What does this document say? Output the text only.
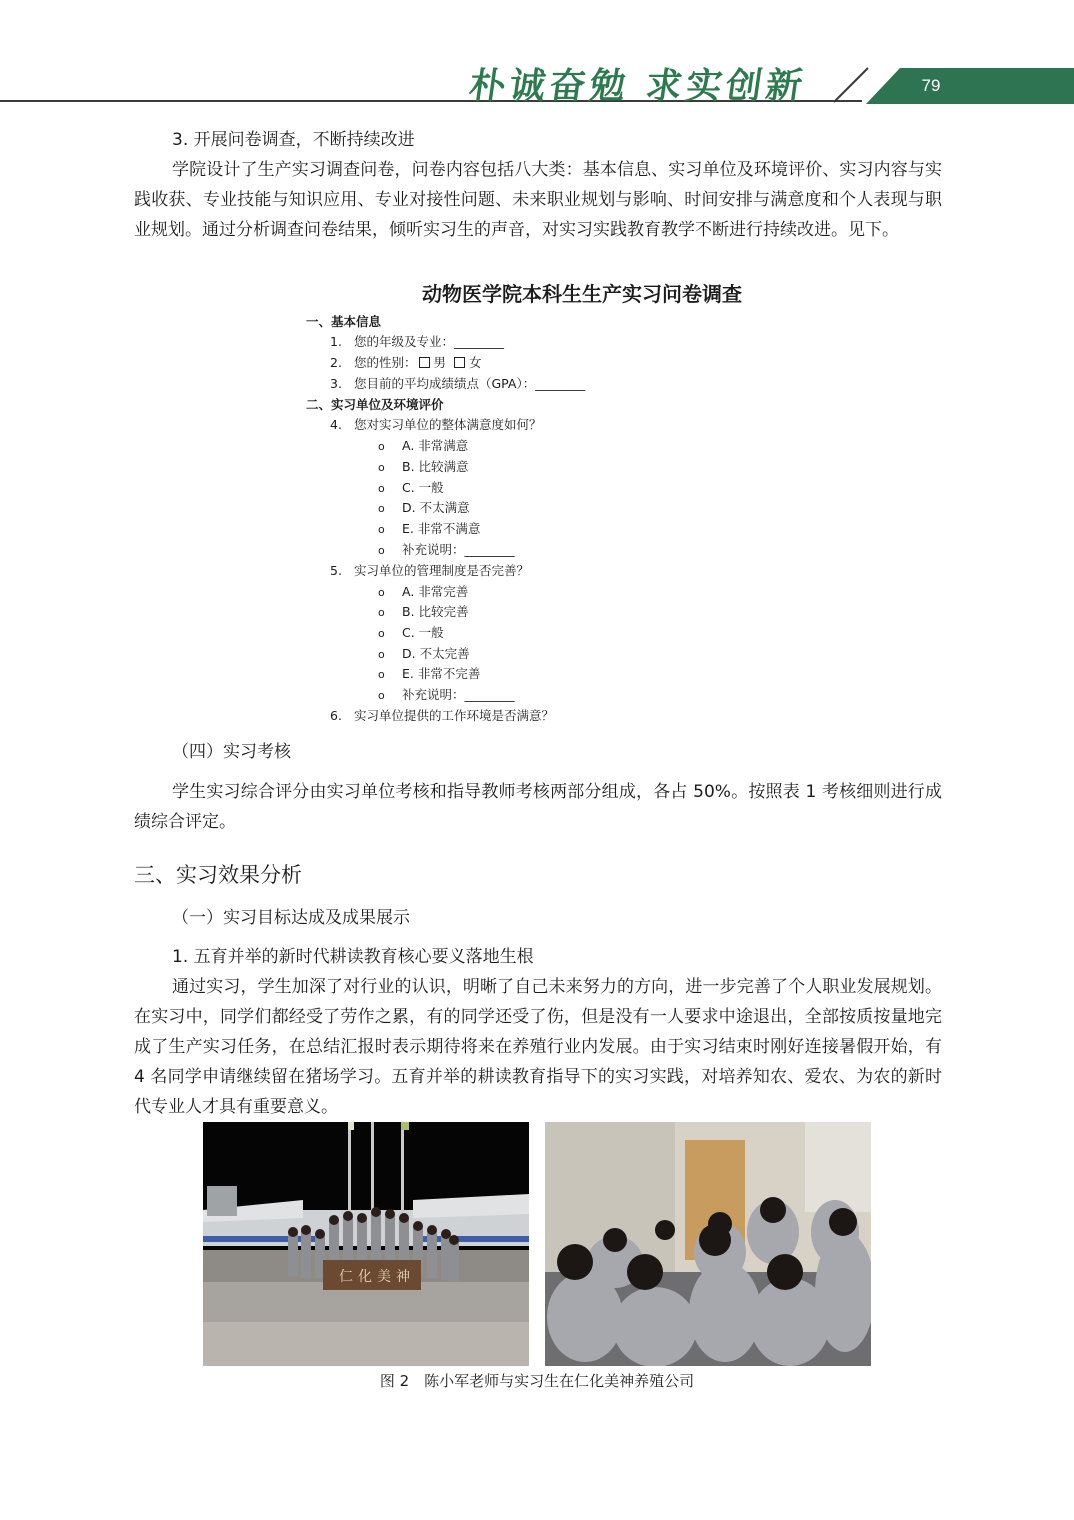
朴诚奋勉 求实创新	79
3. 开展问卷调查，不断持续改进
学院设计了生产实习调查问卷，问卷内容包括八大类：基本信息、实习单位及环境评价、实习内容与实践收获、专业技能与知识应用、专业对接性问题、未来职业规划与影响、时间安排与满意度和个人表现与职业规划。通过分析调查问卷结果，倾听实习生的声音，对实习实践教育教学不断进行持续改进。见下。
动物医学院本科生生产实习问卷调查
一、基本信息
1. 您的年级及专业：________
2. 您的性别： 男 女
3. 您目前的平均成绩绩点（GPA）：________
二、实习单位及环境评价
4. 您对实习单位的整体满意度如何？
o A. 非常满意
o B. 比较满意
o C. 一般
o D. 不太满意
o E. 非常不满意
o 补充说明：________
5. 实习单位的管理制度是否完善？
o A. 非常完善
o B. 比较完善
o C. 一般
o D. 不太完善
o E. 非常不完善
o 补充说明：________
6. 实习单位提供的工作环境是否满意？
（四）实习考核
学生实习综合评分由实习单位考核和指导教师考核两部分组成，各占 50%。按照表 1 考核细则进行成绩综合评定。
三、实习效果分析
（一）实习目标达成及成果展示
1. 五育并举的新时代耕读教育核心要义落地生根
通过实习，学生加深了对行业的认识，明晰了自己未来努力的方向，进一步完善了个人职业发展规划。在实习中，同学们都经受了劳作之累，有的同学还受了伤，但是没有一人要求中途退出，全部按质按量地完成了生产实习任务，在总结汇报时表示期待将来在养殖行业内发展。由于实习结束时刚好连接暑假开始，有 4 名同学申请继续留在猪场学习。五育并举的耕读教育指导下的实习实践，对培养知农、爱农、为农的新时代专业人才具有重要意义。
仁化美神
图 2　陈小军老师与实习生在仁化美神养殖公司
